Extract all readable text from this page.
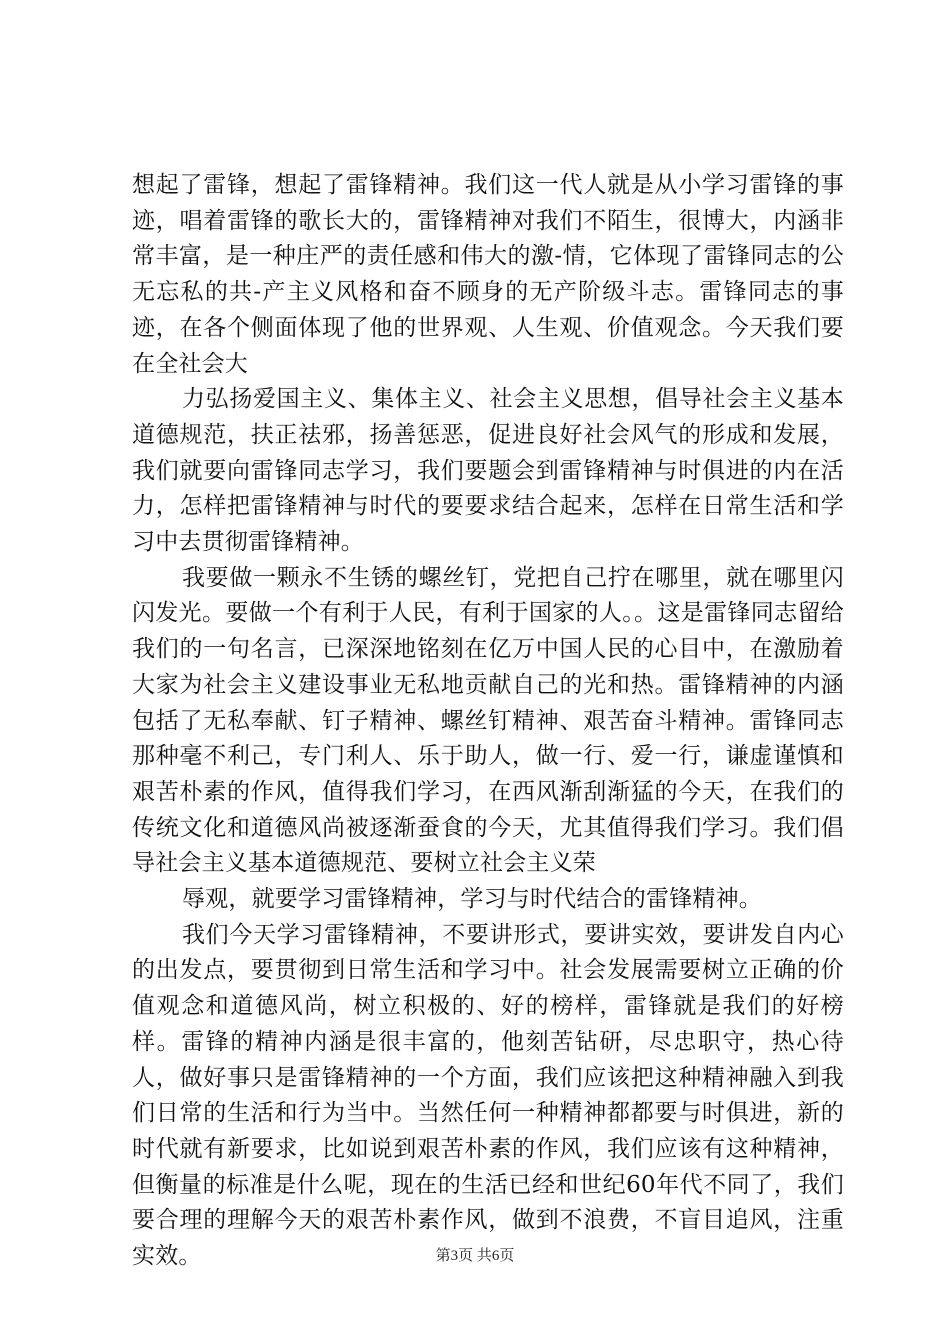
想起了雷锋，想起了雷锋精神。我们这一代人就是从小学习雷锋的事迹，唱着雷锋的歌长大的，雷锋精神对我们不陌生，很博大，内涵非常丰富，是一种庄严的责任感和伟大的激-情，它体现了雷锋同志的公无忘私的共-产主义风格和奋不顾身的无产阶级斗志。雷锋同志的事迹，在各个侧面体现了他的世界观、人生观、价值观念。今天我们要在全社会大

力弘扬爱国主义、集体主义、社会主义思想，倡导社会主义基本道德规范，扶正祛邪，扬善惩恶，促进良好社会风气的形成和发展，我们就要向雷锋同志学习，我们要题会到雷锋精神与时俱进的内在活力，怎样把雷锋精神与时代的要要求结合起来，怎样在日常生活和学习中去贯彻雷锋精神。

我要做一颗永不生锈的螺丝钉，党把自己拧在哪里，就在哪里闪闪发光。要做一个有利于人民，有利于国家的人。。这是雷锋同志留给我们的一句名言，已深深地铭刻在亿万中国人民的心目中，在激励着大家为社会主义建设事业无私地贡献自己的光和热。雷锋精神的内涵包括了无私奉献、钉子精神、螺丝钉精神、艰苦奋斗精神。雷锋同志那种毫不利己，专门利人、乐于助人，做一行、爱一行，谦虚谨慎和艰苦朴素的作风，值得我们学习，在西风渐刮渐猛的今天，在我们的传统文化和道德风尚被逐渐蚕食的今天，尤其值得我们学习。我们倡导社会主义基本道德规范、要树立社会主义荣

辱观，就要学习雷锋精神，学习与时代结合的雷锋精神。

我们今天学习雷锋精神，不要讲形式，要讲实效，要讲发自内心的出发点，要贯彻到日常生活和学习中。社会发展需要树立正确的价值观念和道德风尚，树立积极的、好的榜样，雷锋就是我们的好榜样。雷锋的精神内涵是很丰富的，他刻苦钻研，尽忠职守，热心待人，做好事只是雷锋精神的一个方面，我们应该把这种精神融入到我们日常的生活和行为当中。当然任何一种精神都都要与时俱进，新的时代就有新要求，比如说到艰苦朴素的作风，我们应该有这种精神，但衡量的标准是什么呢，现在的生活已经和世纪60年代不同了，我们要合理的理解今天的艰苦朴素作风，做到不浪费，不盲目追风，注重实效。	第3页 共6页
